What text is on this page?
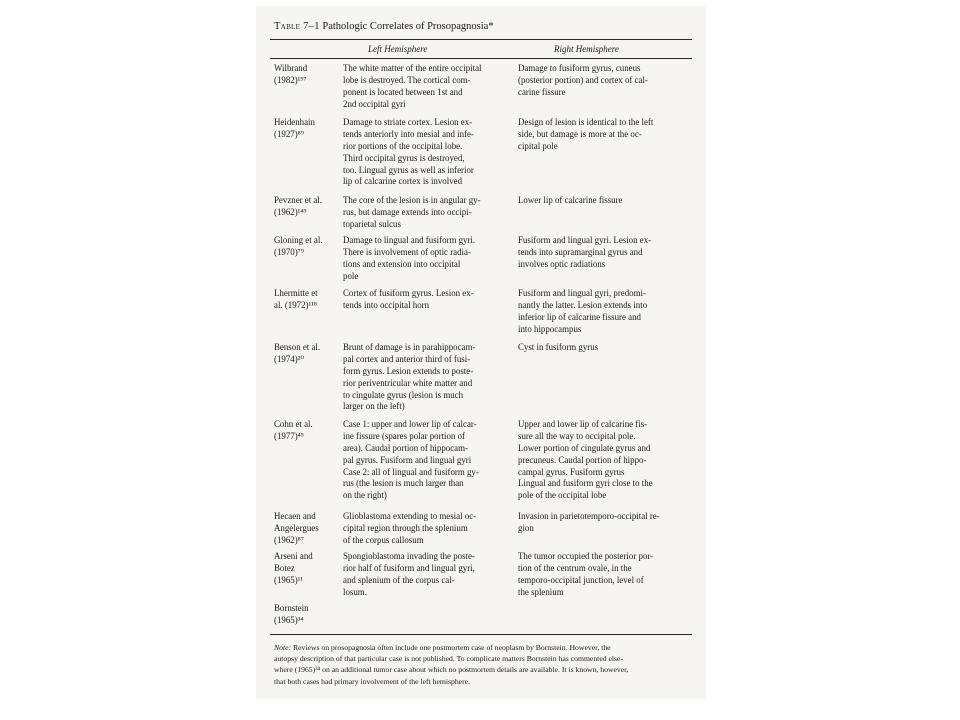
Table 7–1 Pathologic Correlates of Prosopagnosia*
Left Hemisphere	Right Hemisphere
Wilbrand
(1982)¹⁹⁷
The white matter of the entire occipital
lobe is destroyed. The cortical com-
ponent is located between 1st and
2nd occipital gyri
Damage to fusiform gyrus, cuneus
(posterior portion) and cortex of cal-
carine fissure
Heidenhain
(1927)⁸⁹
Damage to striate cortex. Lesion ex-
tends anteriorly into mesial and infe-
rior portions of the occipital lobe.
Third occipital gyrus is destroyed,
too. Lingual gyrus as well as inferior
lip of calcarine cortex is involved
Design of lesion is identical to the left
side, but damage is more at the oc-
cipital pole
Pevzner et al.
(1962)¹⁴⁹
The core of the lesion is in angular gy-
rus, but damage extends into occipi-
toparietal sulcus
Lower lip of calcarine fissure
Gloning et al.
(1970)⁷⁹
Damage to lingual and fusiform gyri.
There is involvement of optic radia-
tions and extension into occipital
pole
Fusiform and lingual gyri. Lesion ex-
tends into supramarginal gyrus and
involves optic radiations
Lhermitte et
al. (1972)¹¹⁸
Cortex of fusiform gyrus. Lesion ex-
tends into occipital horn
Fusiform and lingual gyri, predomi-
nantly the latter. Lesion extends into
inferior lip of calcarine fissure and
into hippocampus
Benson et al.
(1974)²⁰
Brunt of damage is in parahippocam-
pal cortex and anterior third of fusi-
form gyrus. Lesion extends to poste-
rior periventricular white matter and
to cingulate gyrus (lesion is much
larger on the left)
Cyst in fusiform gyrus
Cohn et al.
(1977)⁴⁵
Case 1: upper and lower lip of calcar-
ine fissure (spares polar portion of
area). Caudal portion of hippocam-
pal gyrus. Fusiform and lingual gyri
Case 2: all of lingual and fusiform gy-
rus (the lesion is much larger than
on the right)
Upper and lower lip of calcarine fis-
sure all the way to occipital pole.
Lower portion of cingulate gyrus and
precuneus. Caudal portion of hippo-
campal gyrus. Fusiform gyrus
Lingual and fusiform gyri close to the
pole of the occipital lobe
Hecaen and
Angelergues
(1962)⁸⁷
Glioblastoma extending to mesial oc-
cipital region through the splenium
of the corpus callosum
Invasion in parietotemporo-occipital re-
gion
Arseni and
Botez
(1965)¹¹
Spongioblastoma invading the poste-
rior half of fusiform and lingual gyri,
and splenium of the corpus cal-
losum.
The tumor occupied the posterior por-
tion of the centrum ovale, in the
temporo-occipital junction, level of
the splenium
Bornstein
(1965)³⁴
Note: Reviews on prosopagnosia often include one postmortem case of neoplasm by Bornstein. However, the
autopsy description of that particular case is not published. To complicate matters Bornstein has commented else-
where (1965)³⁴ on an additional tumor case about which no postmortem details are available. It is known, however,
that both cases had primary involvement of the left hemisphere.
